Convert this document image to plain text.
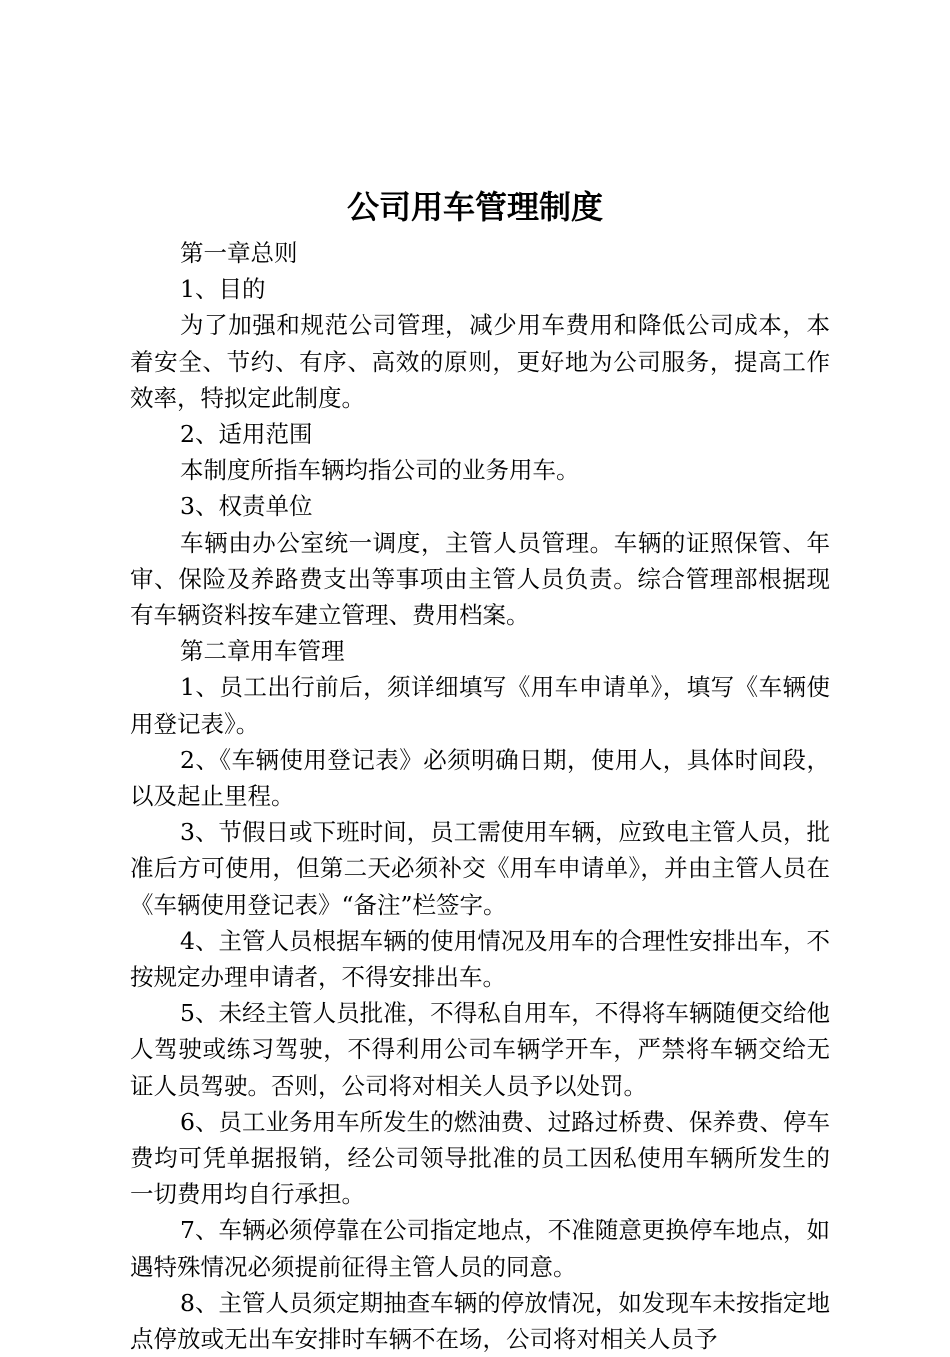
公司用车管理制度

第一章总则

1、目的

为了加强和规范公司管理，减少用车费用和降低公司成本，本着安全、节约、有序、高效的原则，更好地为公司服务，提高工作效率，特拟定此制度。

2、适用范围

本制度所指车辆均指公司的业务用车。

3、权责单位

车辆由办公室统一调度，主管人员管理。车辆的证照保管、年审、保险及养路费支出等事项由主管人员负责。综合管理部根据现有车辆资料按车建立管理、费用档案。

第二章用车管理

1、员工出行前后，须详细填写《用车申请单》，填写《车辆使用登记表》。

2、《车辆使用登记表》必须明确日期，使用人，具体时间段，以及起止里程。

3、节假日或下班时间，员工需使用车辆，应致电主管人员，批准后方可使用，但第二天必须补交《用车申请单》，并由主管人员在《车辆使用登记表》“备注”栏签字。

4、主管人员根据车辆的使用情况及用车的合理性安排出车，不按规定办理申请者，不得安排出车。

5、未经主管人员批准，不得私自用车，不得将车辆随便交给他人驾驶或练习驾驶，不得利用公司车辆学开车，严禁将车辆交给无证人员驾驶。否则，公司将对相关人员予以处罚。

6、员工业务用车所发生的燃油费、过路过桥费、保养费、停车费均可凭单据报销，经公司领导批准的员工因私使用车辆所发生的一切费用均自行承担。

7、车辆必须停靠在公司指定地点，不准随意更换停车地点，如遇特殊情况必须提前征得主管人员的同意。

8、主管人员须定期抽查车辆的停放情况，如发现车未按指定地点停放或无出车安排时车辆不在场，公司将对相关人员予
